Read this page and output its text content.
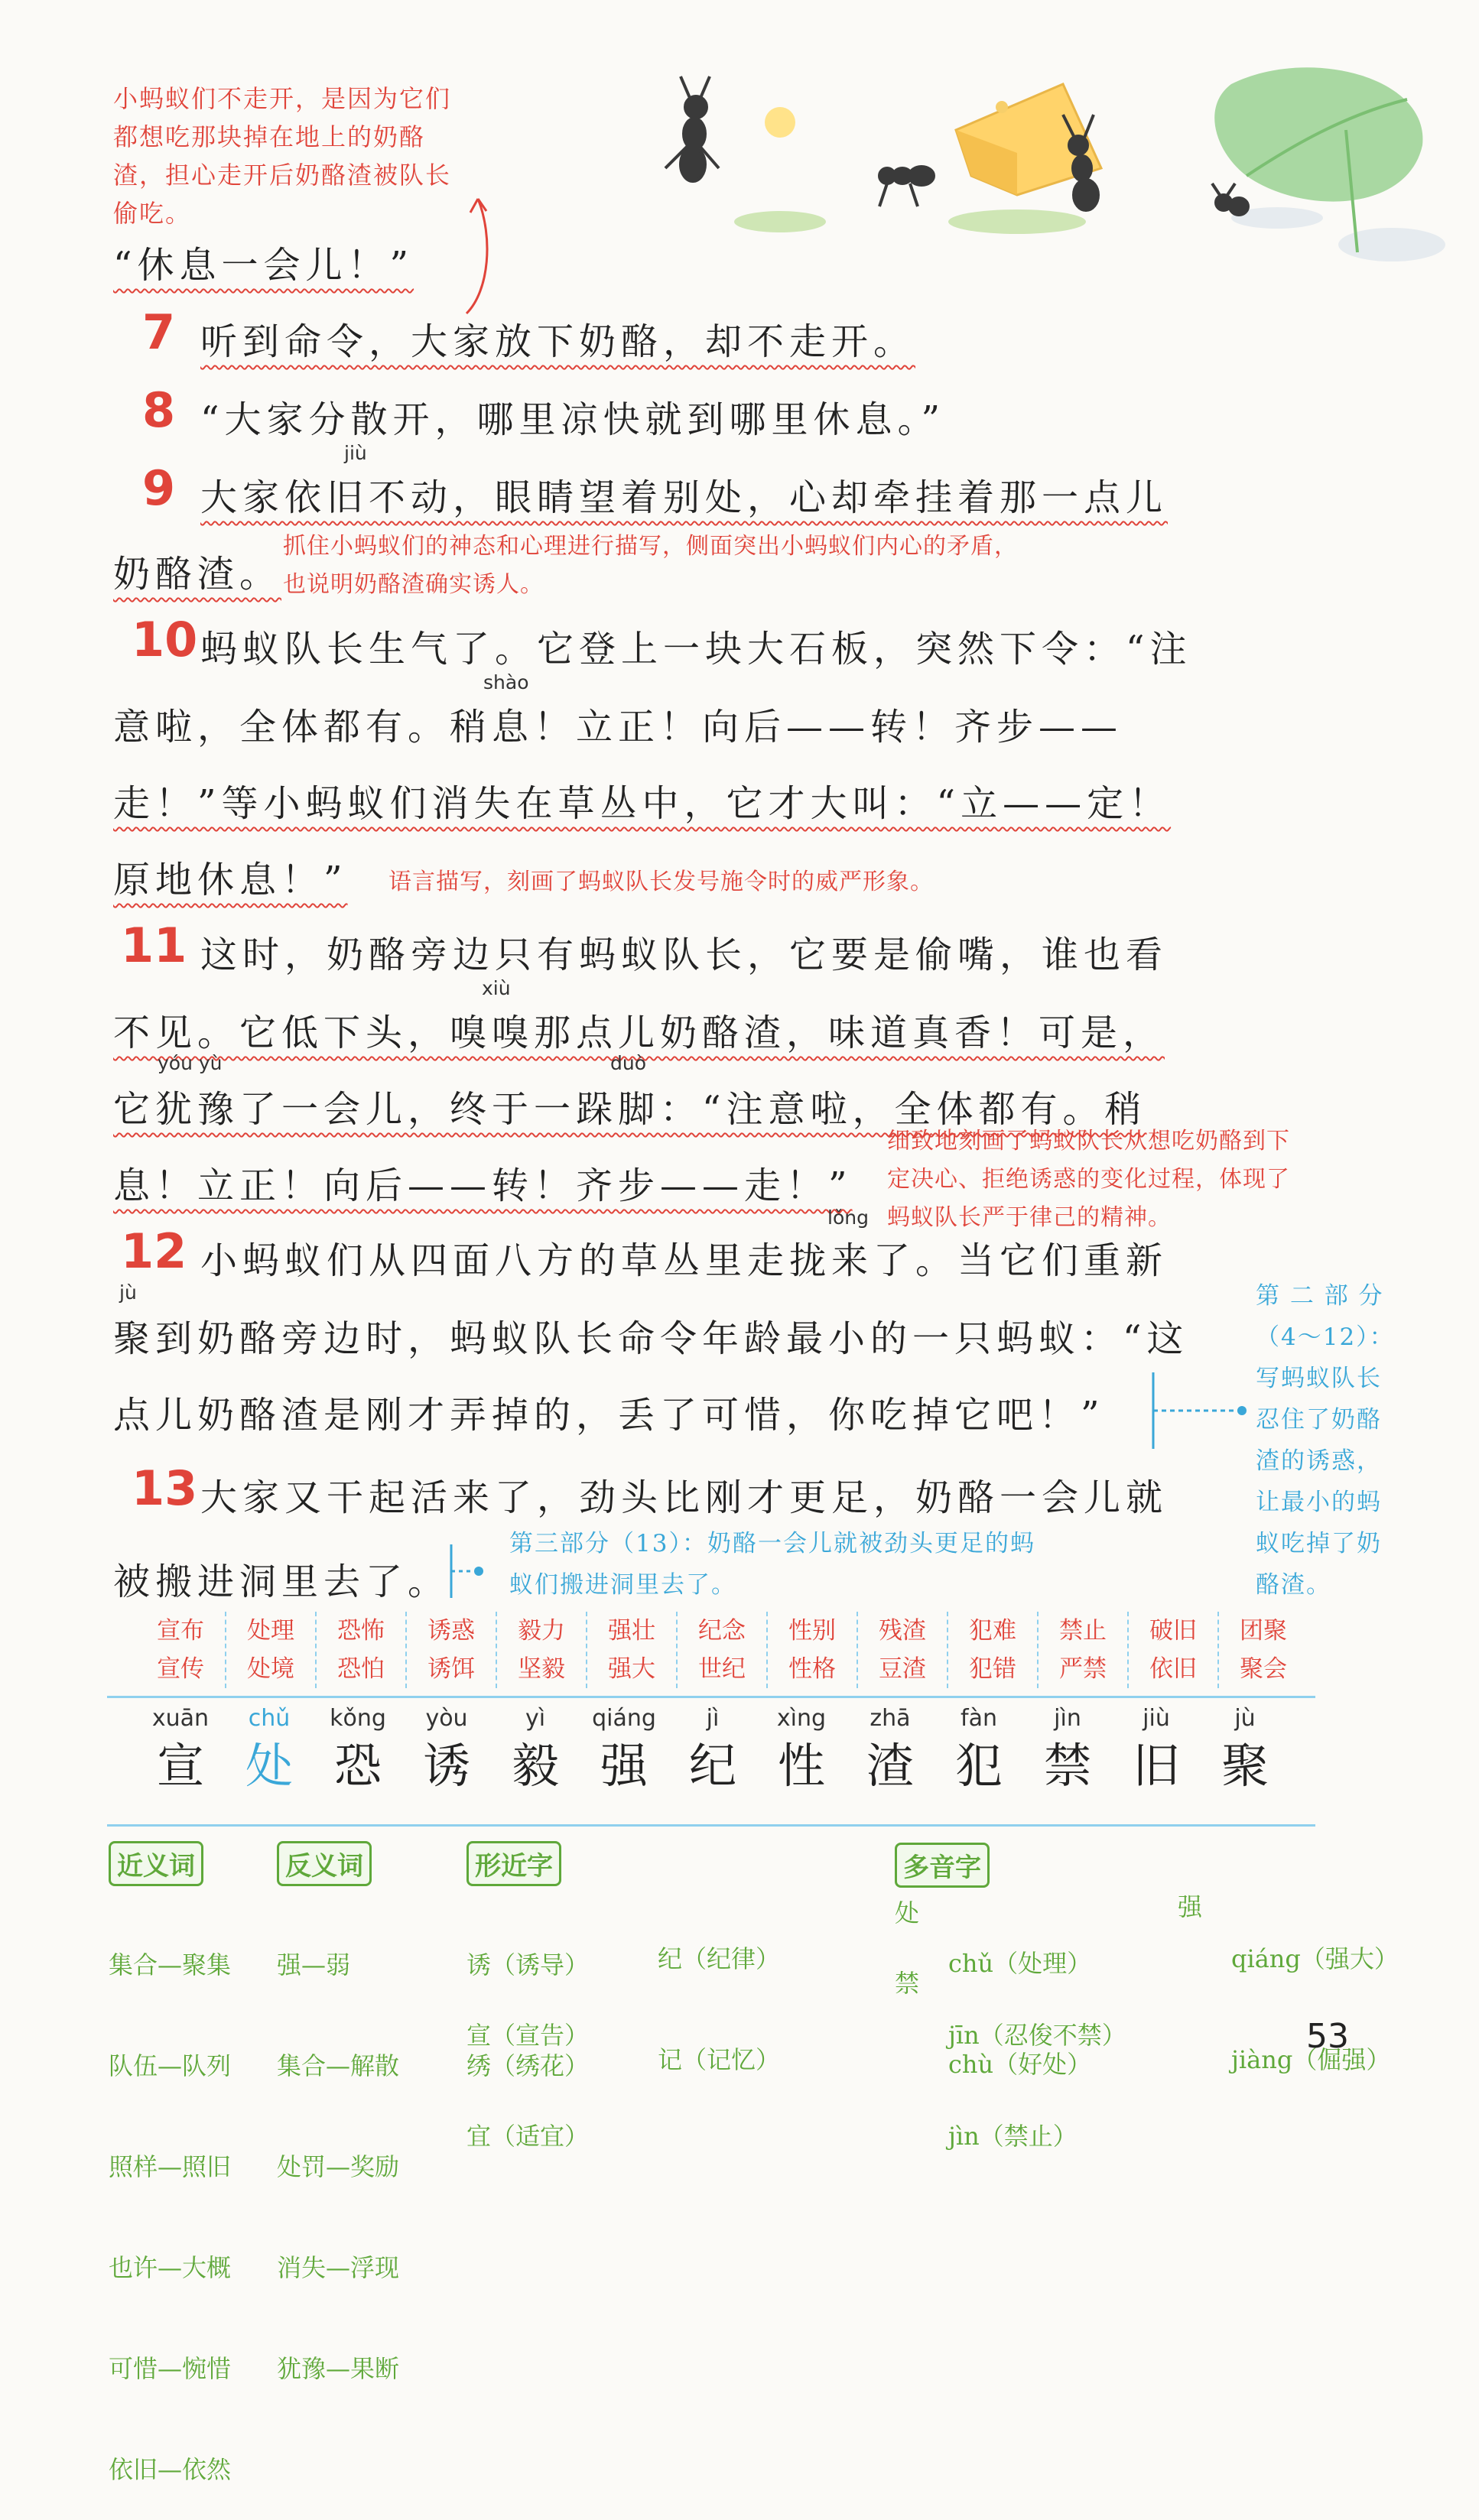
小蚂蚁们不走开，是因为它们
都想吃那块掉在地上的奶酪
渣，担心走开后奶酪渣被队长
偷吃。
“休息一会儿！”
7 听到命令，大家放下奶酪，却不走开。
8 “大家分散开，哪里凉快就到哪里休息。”
jiù
9 大家依旧不动，眼睛望着别处，心却牵挂着那一点儿
奶酪渣。
抓住小蚂蚁们的神态和心理进行描写，侧面突出小蚂蚁们内心的矛盾，
也说明奶酪渣确实诱人。
10 蚂蚁队长生气了。它登上一块大石板，突然下令：“注
shào
意啦，全体都有。稍息！立正！向后——转！齐步——
走！”等小蚂蚁们消失在草丛中，它才大叫：“立——定！
原地休息！” 语言描写，刻画了蚂蚁队长发号施令时的威严形象。
11 这时，奶酪旁边只有蚂蚁队长，它要是偷嘴，谁也看
xiù
不见。它低下头，嗅嗅那点儿奶酪渣，味道真香！可是，
yóu yù	duò
它犹豫了一会儿，终于一跺脚：“注意啦，全体都有。稍
息！立正！向后——转！齐步——走！”
细致地刻画了蚂蚁队长从想吃奶酪到下
定决心、拒绝诱惑的变化过程，体现了
蚂蚁队长严于律己的精神。
lǒng
12 小蚂蚁们从四面八方的草丛里走拢来了。当它们重新
jù
聚到奶酪旁边时，蚂蚁队长命令年龄最小的一只蚂蚁：“这
点儿奶酪渣是刚才弄掉的，丢了可惜，你吃掉它吧！”
第 二 部 分
（4～12）：
写蚂蚁队长
忍住了奶酪
渣的诱惑，
让最小的蚂
蚁吃掉了奶
酪渣。
13 大家又干起活来了，劲头比刚才更足，奶酪一会儿就
被搬进洞里去了。
第三部分（13）：奶酪一会儿就被劲头更足的蚂
蚁们搬进洞里去了。
宣布
宣传
处理
处境
恐怖
恐怕
诱惑
诱饵
毅力
坚毅
强壮
强大
纪念
世纪
性别
性格
残渣
豆渣
犯难
犯错
禁止
严禁
破旧
依旧
团聚
聚会
xuān
宣
chǔ
处
kǒng
恐
yòu
诱
yì
毅
qiáng
强
jì
纪
xìng
性
zhā
渣
fàn
犯
jìn
禁
jiù
旧
jù
聚
近义词

集合—聚集

队伍—队列

照样—照旧

也许—大概

可惜—惋惜

依旧—依然

反义词

强—弱

集合—解散

处罚—奖励

消失—浮现

犹豫—果断

形近字

诱（诱导）

绣（绣花）

纪（纪律）

记（记忆）

宣（宣告）

宜（适宜）

多音字
处

chǔ（处理）

chù（好处）

禁

jīn（忍俊不禁）

jìn（禁止）

强

qiáng（强大）

jiàng（倔强）

53
